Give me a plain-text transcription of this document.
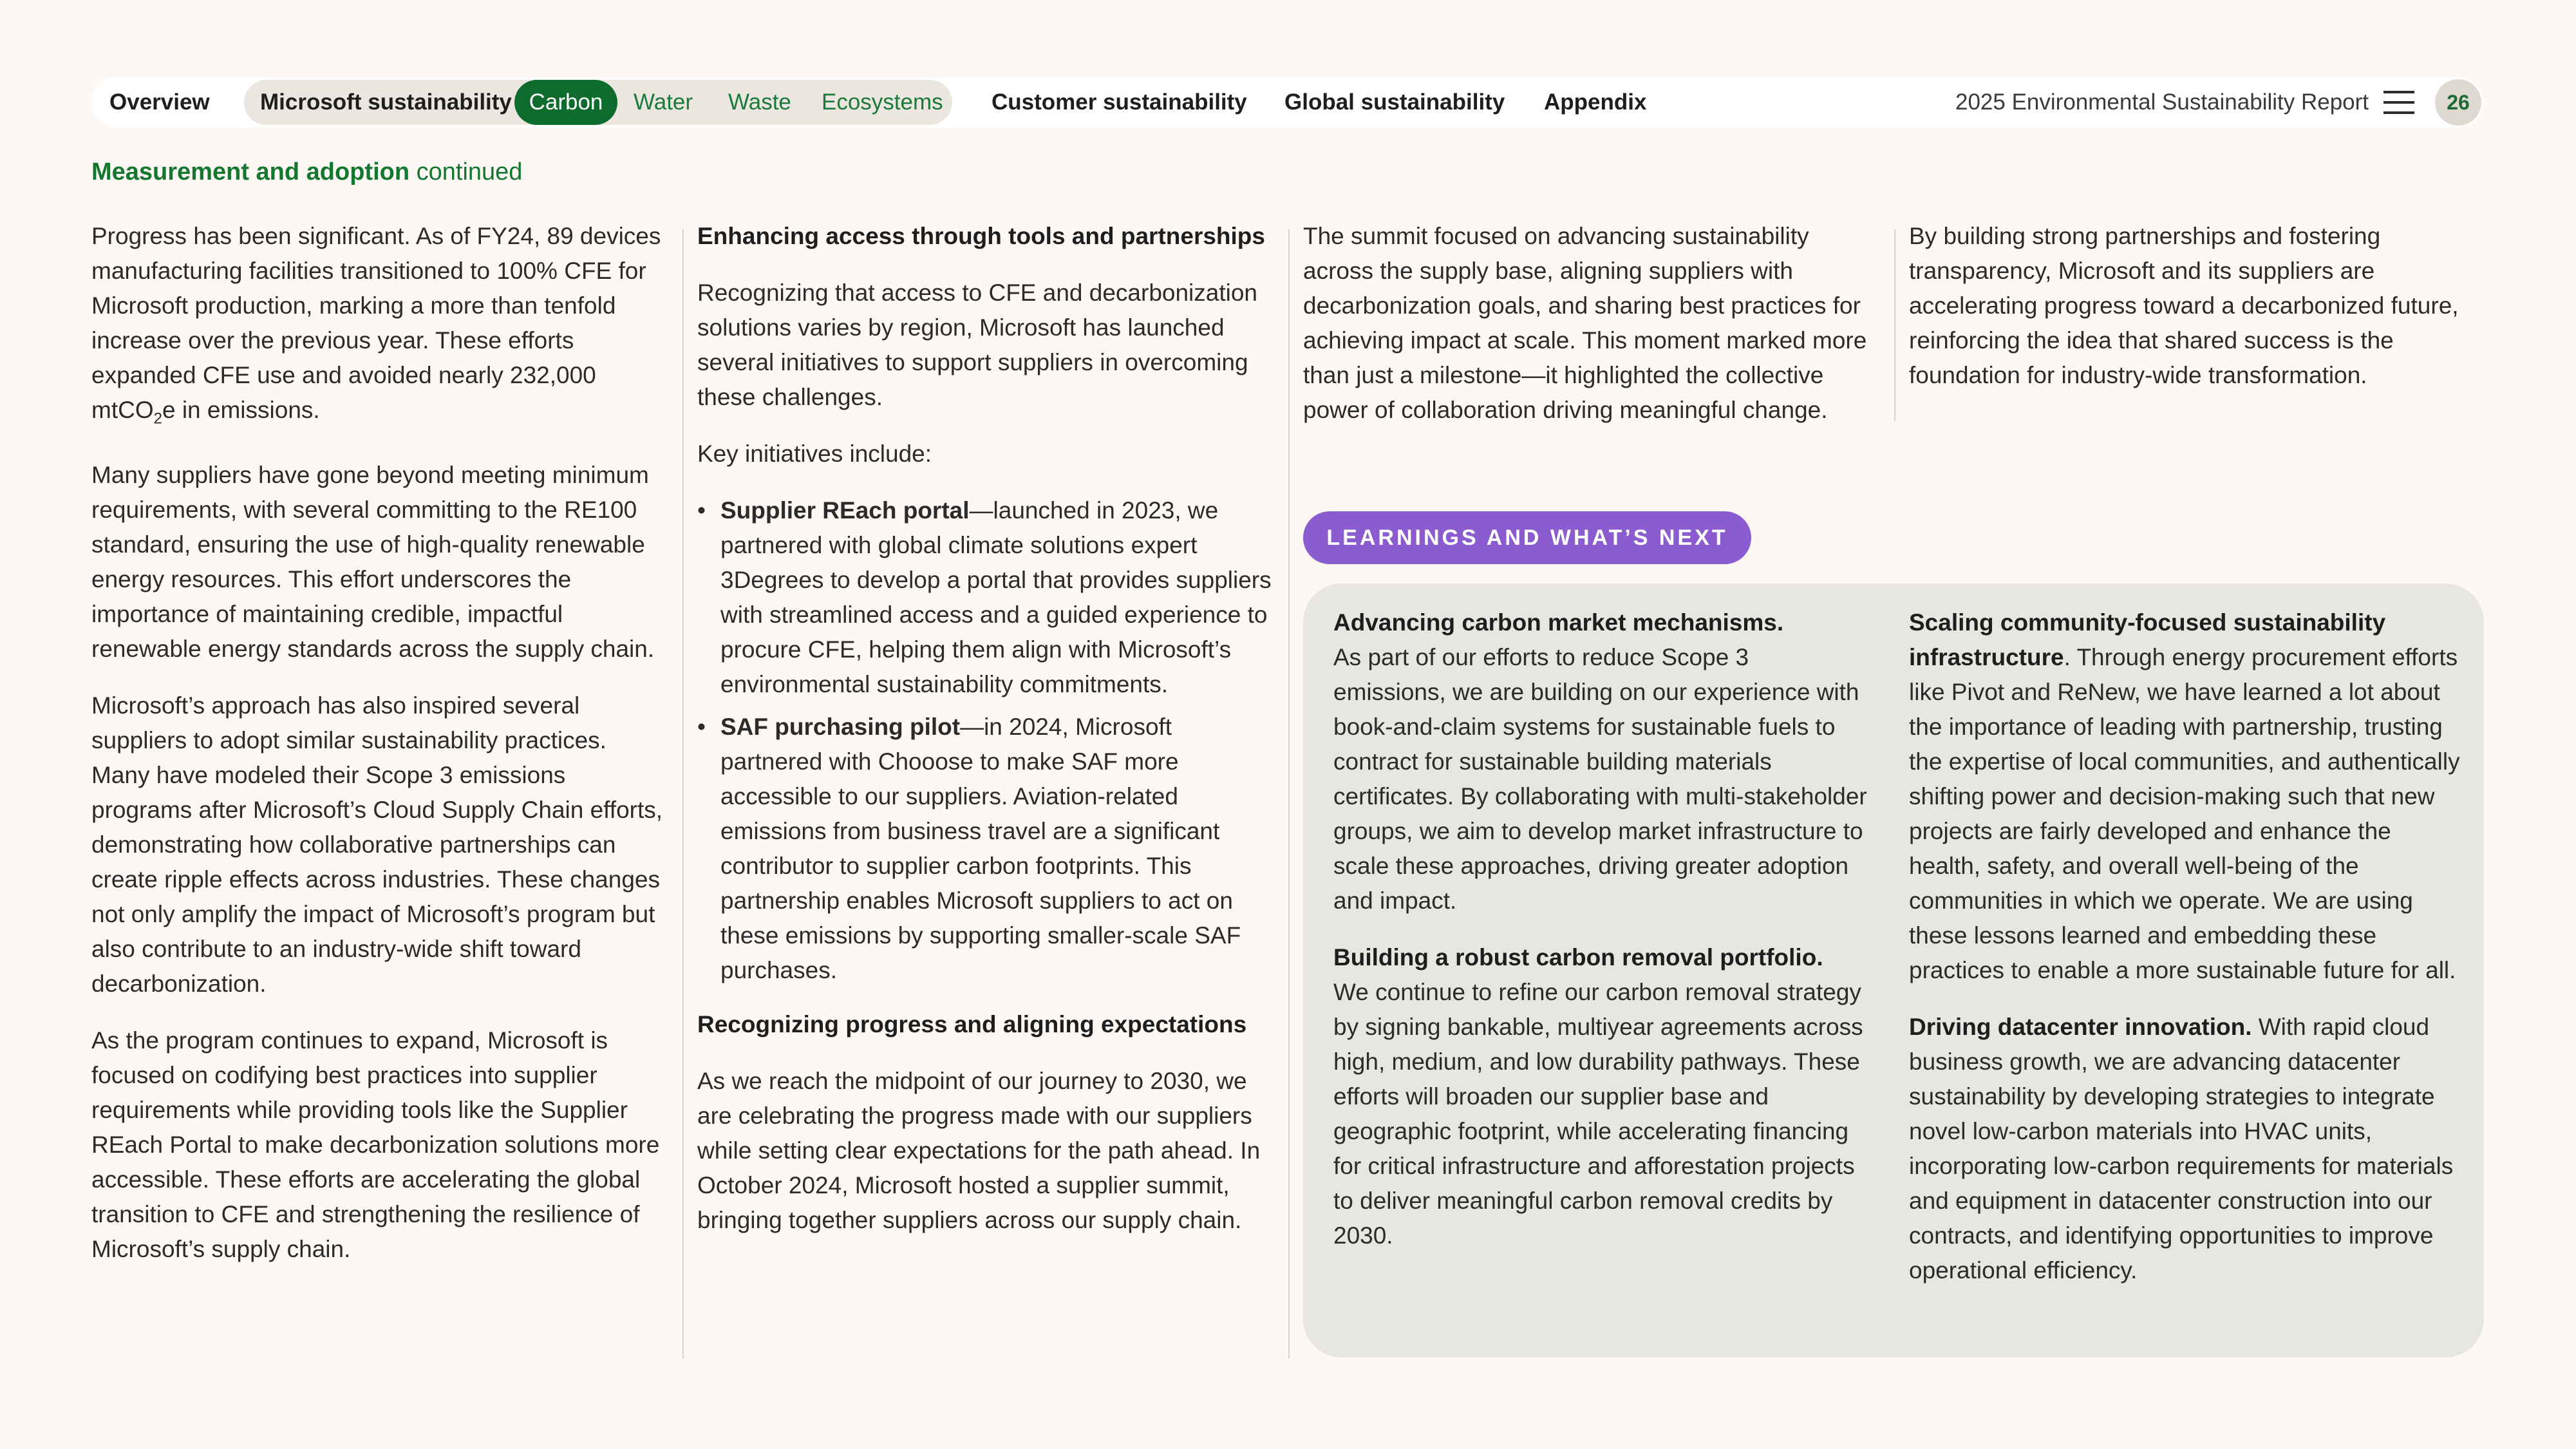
Overview Microsoft sustainability Carbon	Water Waste Ecosystems Customer sustainability Global sustainability Appendix	2025 Environmental Sustainability Report	26
Measurement and adoption continued

Progress has been significant. As of FY24, 89 devices manufacturing facilities transitioned to 100% CFE for Microsoft production, marking a more than tenfold increase over the previous year. These efforts expanded CFE use and avoided nearly 232,000 mtCO$_2$e in emissions.

Many suppliers have gone beyond meeting minimum requirements, with several committing to the RE100 standard, ensuring the use of high-quality renewable energy resources. This effort underscores the importance of maintaining credible, impactful renewable energy standards across the supply chain.

Microsoft’s approach has also inspired several suppliers to adopt similar sustainability practices. Many have modeled their Scope 3 emissions programs after Microsoft’s Cloud Supply Chain efforts, demonstrating how collaborative partnerships can create ripple effects across industries. These changes not only amplify the impact of Microsoft’s program but also contribute to an industry-wide shift toward decarbonization.

As the program continues to expand, Microsoft is focused on codifying best practices into supplier requirements while providing tools like the Supplier REach Portal to make decarbonization solutions more accessible. These efforts are accelerating the global transition to CFE and strengthening the resilience of Microsoft’s supply chain.

Enhancing access through tools and partnerships

Recognizing that access to CFE and decarbonization solutions varies by region, Microsoft has launched several initiatives to support suppliers in overcoming these challenges.

Key initiatives include:

• Supplier REach portal—launched in 2023, we partnered with global climate solutions expert 3Degrees to develop a portal that provides suppliers with streamlined access and a guided experience to procure CFE, helping them align with Microsoft’s environmental sustainability commitments.
• SAF purchasing pilot—in 2024, Microsoft partnered with Chooose to make SAF more accessible to our suppliers. Aviation-related emissions from business travel are a significant contributor to supplier carbon footprints. This partnership enables Microsoft suppliers to act on these emissions by supporting smaller-scale SAF purchases.

Recognizing progress and aligning expectations

As we reach the midpoint of our journey to 2030, we are celebrating the progress made with our suppliers while setting clear expectations for the path ahead. In October 2024, Microsoft hosted a supplier summit, bringing together suppliers across our supply chain.

The summit focused on advancing sustainability across the supply base, aligning suppliers with decarbonization goals, and sharing best practices for achieving impact at scale. This moment marked more than just a milestone—it highlighted the collective power of collaboration driving meaningful change.

By building strong partnerships and fostering transparency, Microsoft and its suppliers are accelerating progress toward a decarbonized future, reinforcing the idea that shared success is the foundation for industry-wide transformation.

LEARNINGS AND WHAT’S NEXT

Advancing carbon market mechanisms.
As part of our efforts to reduce Scope 3 emissions, we are building on our experience with book-and-claim systems for sustainable fuels to contract for sustainable building materials certificates. By collaborating with multi-stakeholder groups, we aim to develop market infrastructure to scale these approaches, driving greater adoption and impact.

Building a robust carbon removal portfolio.
We continue to refine our carbon removal strategy by signing bankable, multiyear agreements across high, medium, and low durability pathways. These efforts will broaden our supplier base and geographic footprint, while accelerating financing for critical infrastructure and afforestation projects to deliver meaningful carbon removal credits by 2030.

Scaling community-focused sustainability infrastructure. Through energy procurement efforts like Pivot and ReNew, we have learned a lot about the importance of leading with partnership, trusting the expertise of local communities, and authentically shifting power and decision-making such that new projects are fairly developed and enhance the health, safety, and overall well-being of the communities in which we operate. We are using these lessons learned and embedding these practices to enable a more sustainable future for all.

Driving datacenter innovation. With rapid cloud business growth, we are advancing datacenter sustainability by developing strategies to integrate novel low-carbon materials into HVAC units, incorporating low-carbon requirements for materials and equipment in datacenter construction into our contracts, and identifying opportunities to improve operational efficiency.
